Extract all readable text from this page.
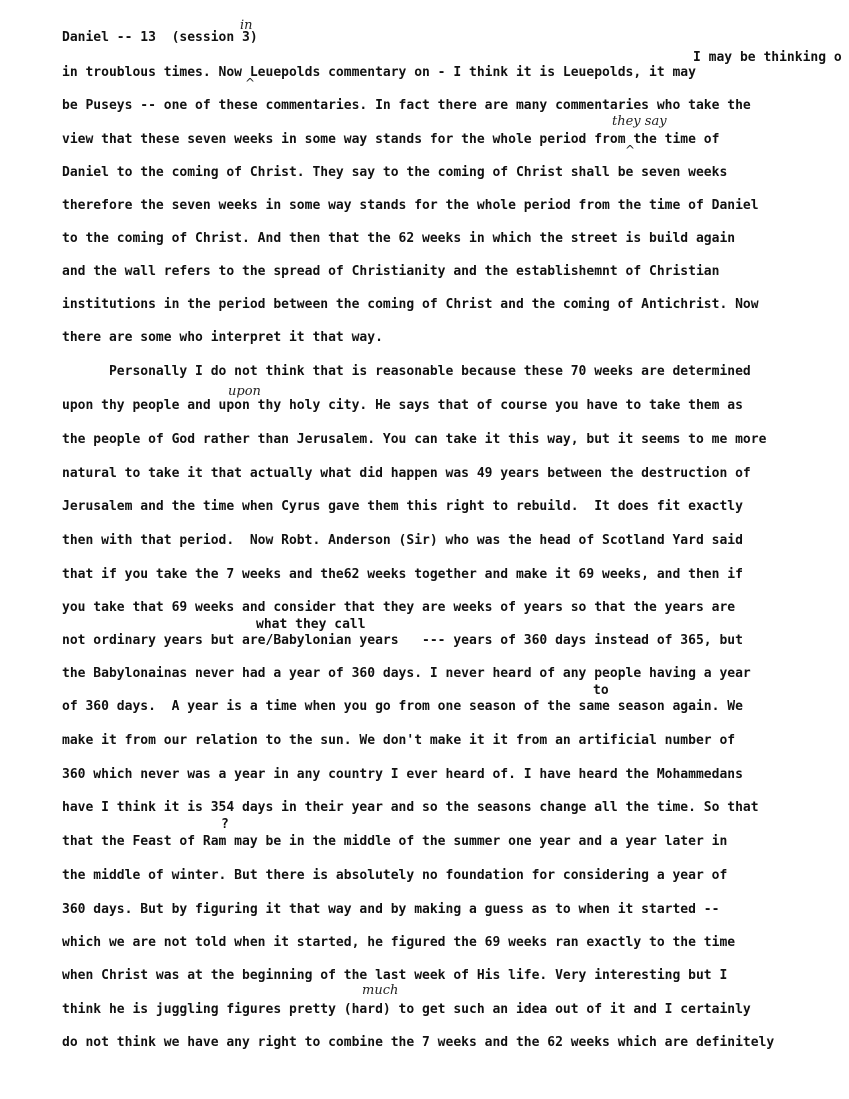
Daniel -- 13  (session 3)
in
^
I may be thinking o
in troublous times. Now Leuepolds commentary on - I think it is Leuepolds, it may
be Puseys -- one of these commentaries. In fact there are many commentaries who take the
they say
^
view that these seven weeks in some way stands for the whole period from the time of
Daniel to the coming of Christ. They say to the coming of Christ shall be seven weeks
therefore the seven weeks in some way stands for the whole period from the time of Daniel
to the coming of Christ. And then that the 62 weeks in which the street is build again
and the wall refers to the spread of Christianity and the establishemnt of Christian
institutions in the period between the coming of Christ and the coming of Antichrist. Now
there are some who interpret it that way.
Personally I do not think that is reasonable because these 70 weeks are determined
upon
upon thy people and upon thy holy city. He says that of course you have to take them as
the people of God rather than Jerusalem. You can take it this way, but it seems to me more
natural to take it that actually what did happen was 49 years between the destruction of
Jerusalem and the time when Cyrus gave them this right to rebuild.  It does fit exactly
then with that period.  Now Robt. Anderson (Sir) who was the head of Scotland Yard said
that if you take the 7 weeks and the62 weeks together and make it 69 weeks, and then if
you take that 69 weeks and consider that they are weeks of years so that the years are
what they call
not ordinary years but are/Babylonian years   --- years of 360 days instead of 365, but
the Babylonainas never had a year of 360 days. I never heard of any people having a year
to
of 360 days.  A year is a time when you go from one season of the same season again. We
make it from our relation to the sun. We don't make it it from an artificial number of
360 which never was a year in any country I ever heard of. I have heard the Mohammedans
have I think it is 354 days in their year and so the seasons change all the time. So that
?
that the Feast of Ram may be in the middle of the summer one year and a year later in
the middle of winter. But there is absolutely no foundation for considering a year of
360 days. But by figuring it that way and by making a guess as to when it started --
which we are not told when it started, he figured the 69 weeks ran exactly to the time
when Christ was at the beginning of the last week of His life. Very interesting but I
much
think he is juggling figures pretty (hard) to get such an idea out of it and I certainly
do not think we have any right to combine the 7 weeks and the 62 weeks which are definitely
